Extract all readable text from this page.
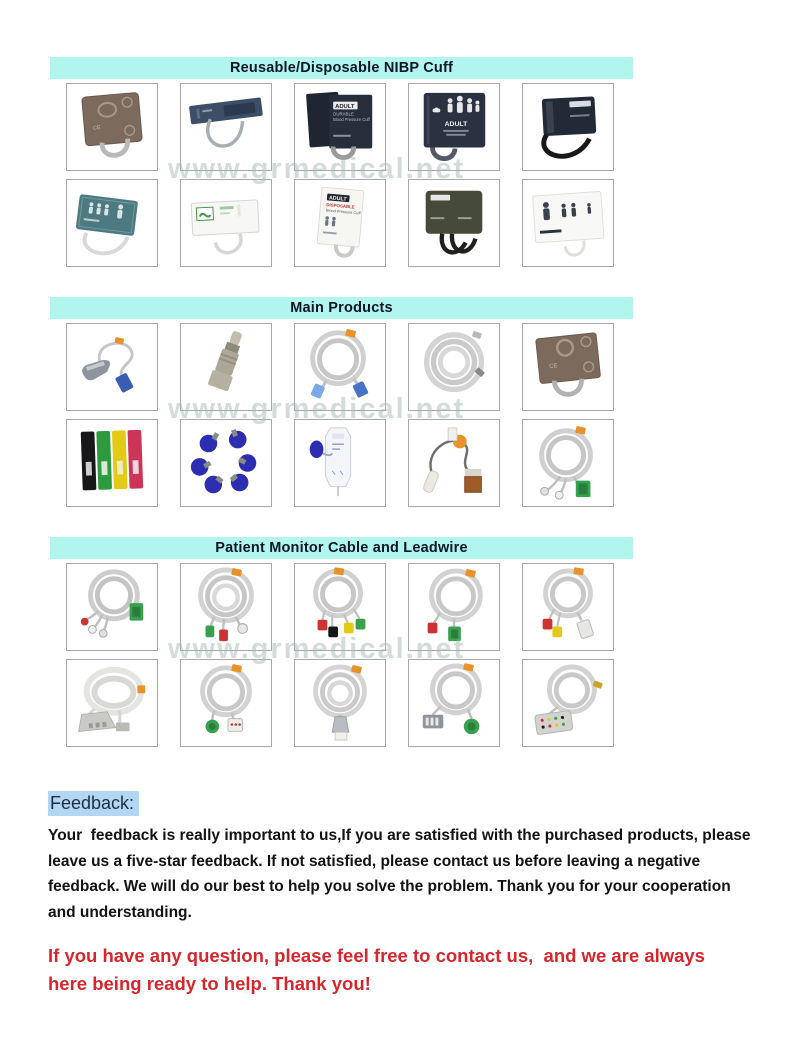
Reusable/Disposable NIBP Cuff
www.grmedical.net
CE
ADULT
DURABLE
Blood Pressure Cuff
ADULT
ADULT
DISPOSABLE
Blood Pressure Cuff
Main Products
www.grmedical.net
CE
Patient Monitor Cable and Leadwire
www.grmedical.net
Feedback:

Your  feedback is really important to us,If you are satisfied with the purchased products, please leave us a five-star feedback. If not satisfied, please contact us before leaving a negative feedback. We will do our best to help you solve the problem. Thank you for your cooperation and understanding.

If you have any question, please feel free to contact us,  and we are always here being ready to help. Thank you!
